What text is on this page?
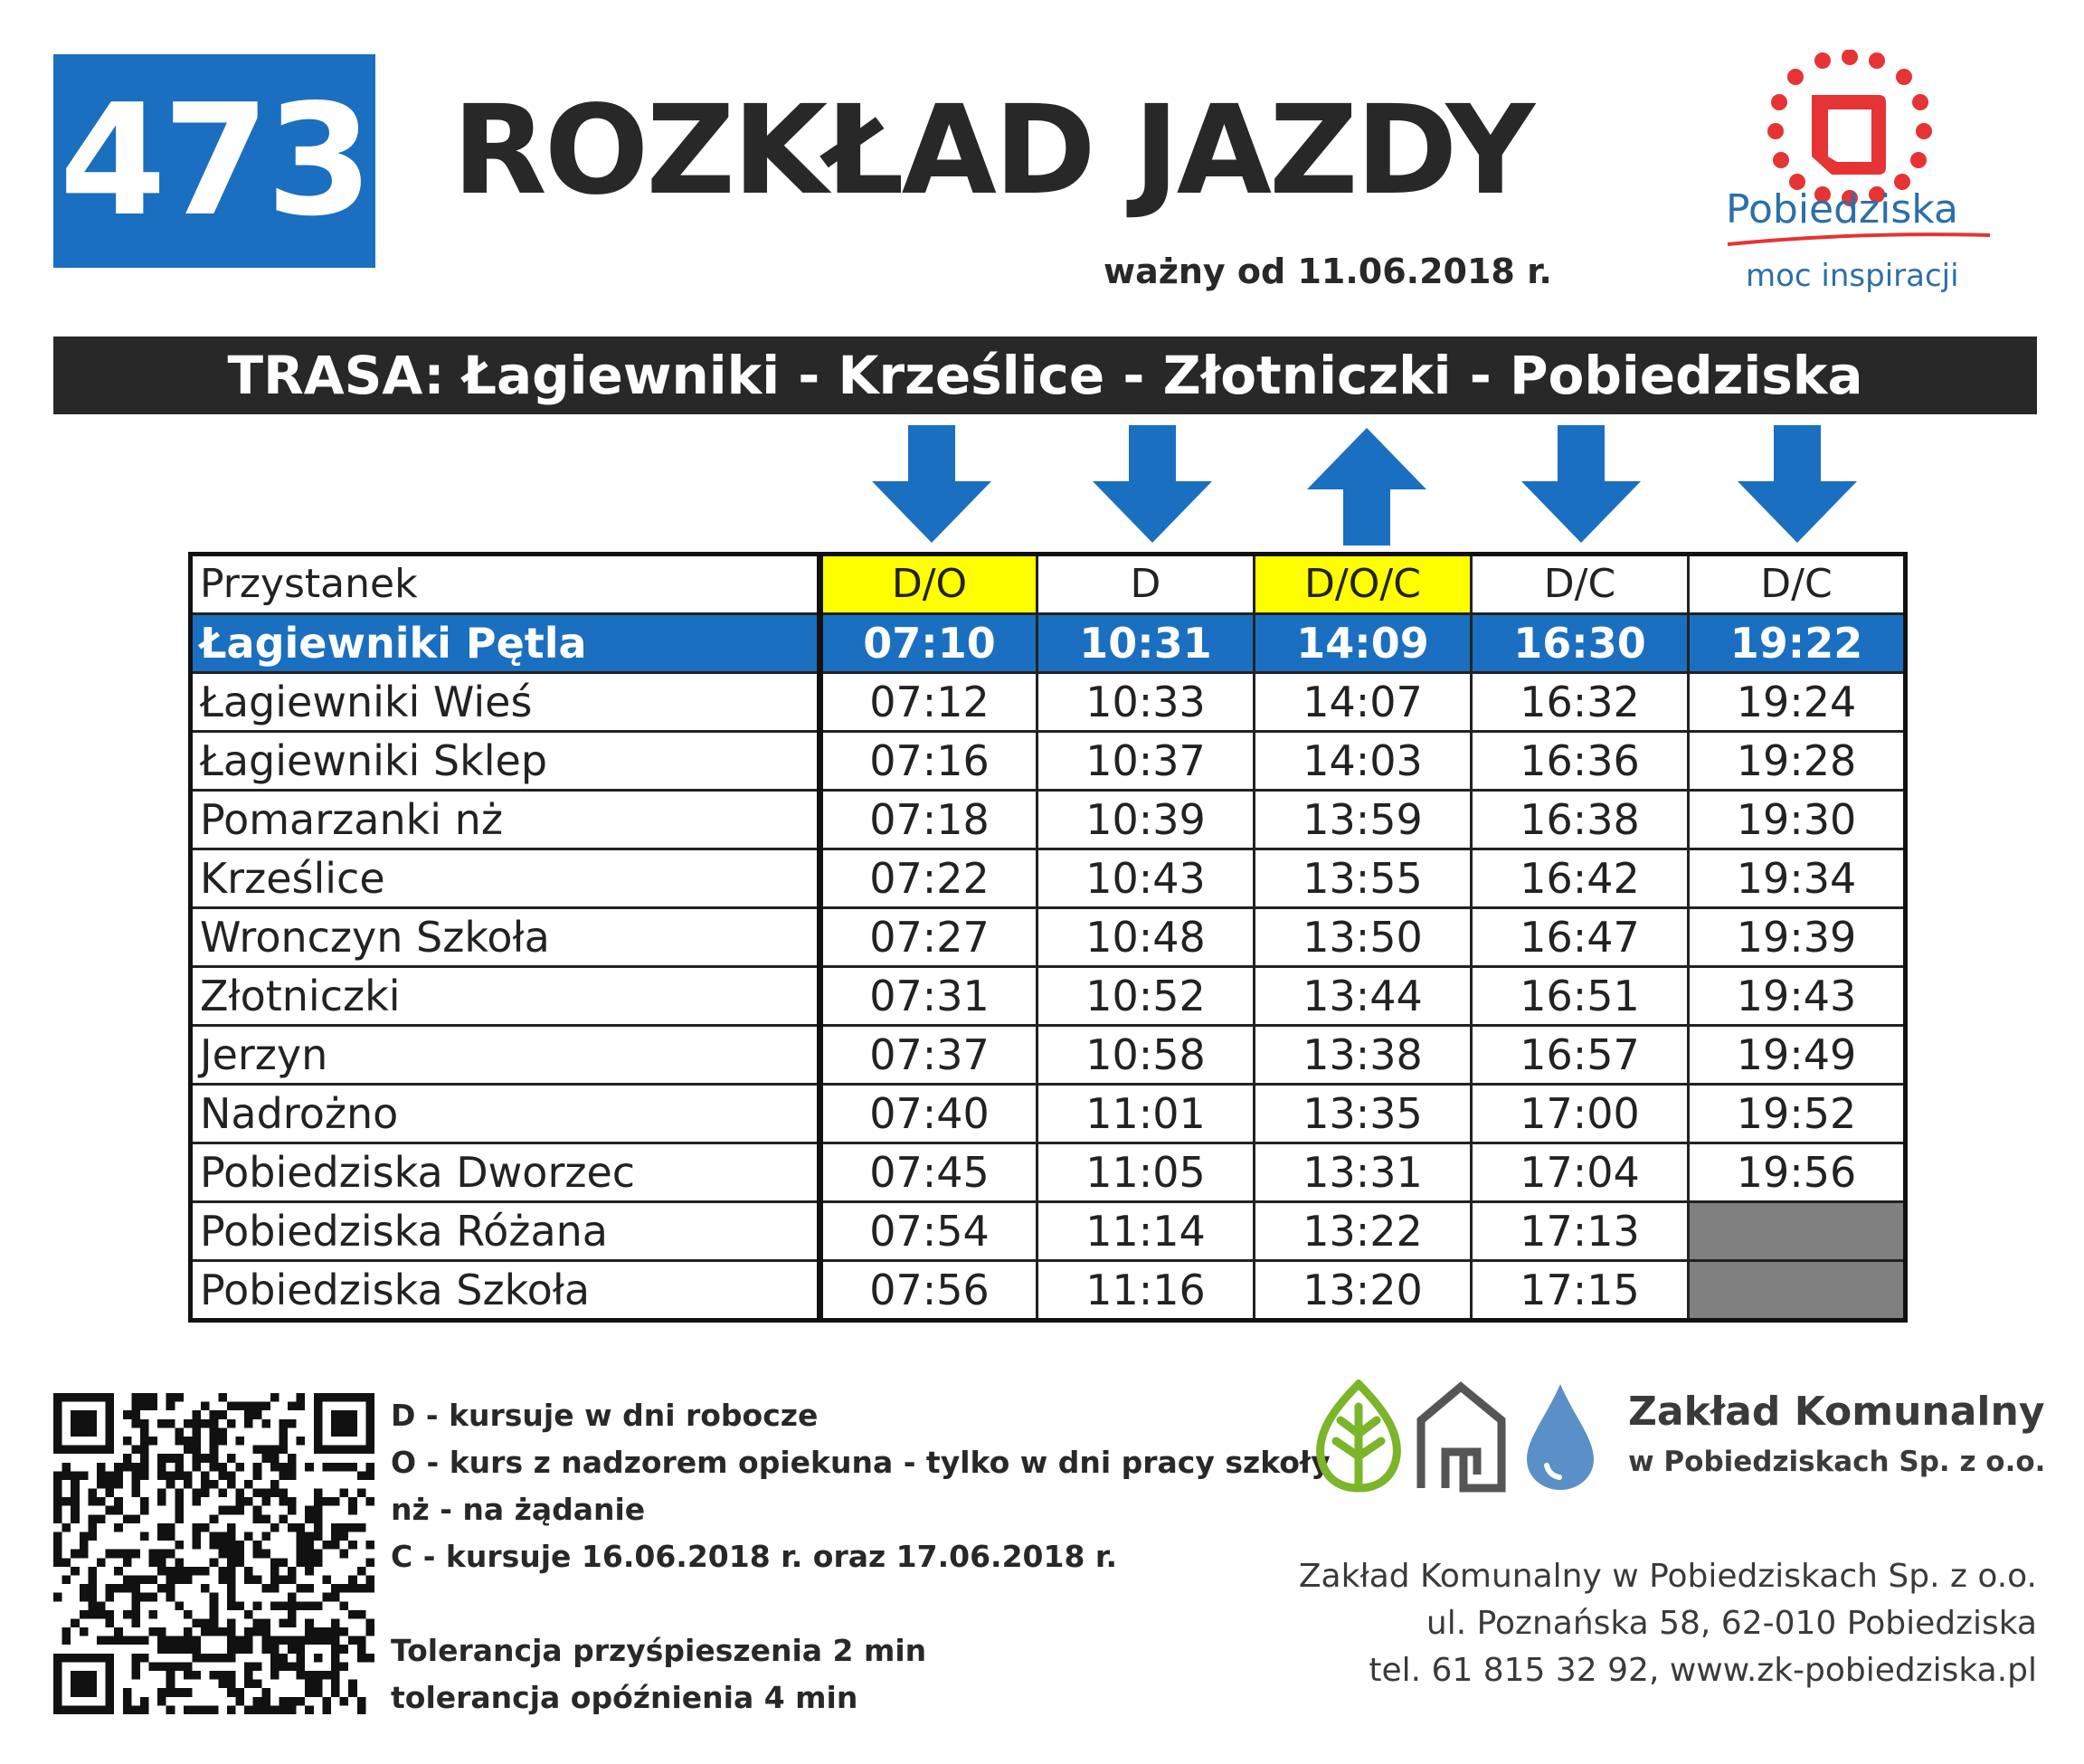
473 ROZKŁAD JAZDY
ważny od 11.06.2018 r.
Pobiedziska
moc inspiracji
TRASA: Łagiewniki - Krześlice - Złotniczki - Pobiedziska
Przystanek	D/O	D	D/O/C	D/C	D/C
Łagiewniki Pętla	07:10	10:31	14:09	16:30	19:22
Łagiewniki Wieś	07:12	10:33	14:07	16:32	19:24
Łagiewniki Sklep	07:16	10:37	14:03	16:36	19:28
Pomarzanki nż	07:18	10:39	13:59	16:38	19:30
Krześlice	07:22	10:43	13:55	16:42	19:34
Wronczyn Szkoła	07:27	10:48	13:50	16:47	19:39
Złotniczki	07:31	10:52	13:44	16:51	19:43
Jerzyn	07:37	10:58	13:38	16:57	19:49
Nadrożno	07:40	11:01	13:35	17:00	19:52
Pobiedziska Dworzec	07:45	11:05	13:31	17:04	19:56
Pobiedziska Różana	07:54	11:14	13:22	17:13	
Pobiedziska Szkoła	07:56	11:16	13:20	17:15	
D - kursuje w dni robocze
O - kurs z nadzorem opiekuna - tylko w dni pracy szkoły
nż - na żądanie
C - kursuje 16.06.2018 r. oraz 17.06.2018 r.
Tolerancja przyśpieszenia 2 min
tolerancja opóźnienia 4 min
Zakład Komunalny
w Pobiedziskach Sp. z o.o.
Zakład Komunalny w Pobiedziskach Sp. z o.o.
ul. Poznańska 58, 62-010 Pobiedziska
tel. 61 815 32 92, www.zk-pobiedziska.pl
